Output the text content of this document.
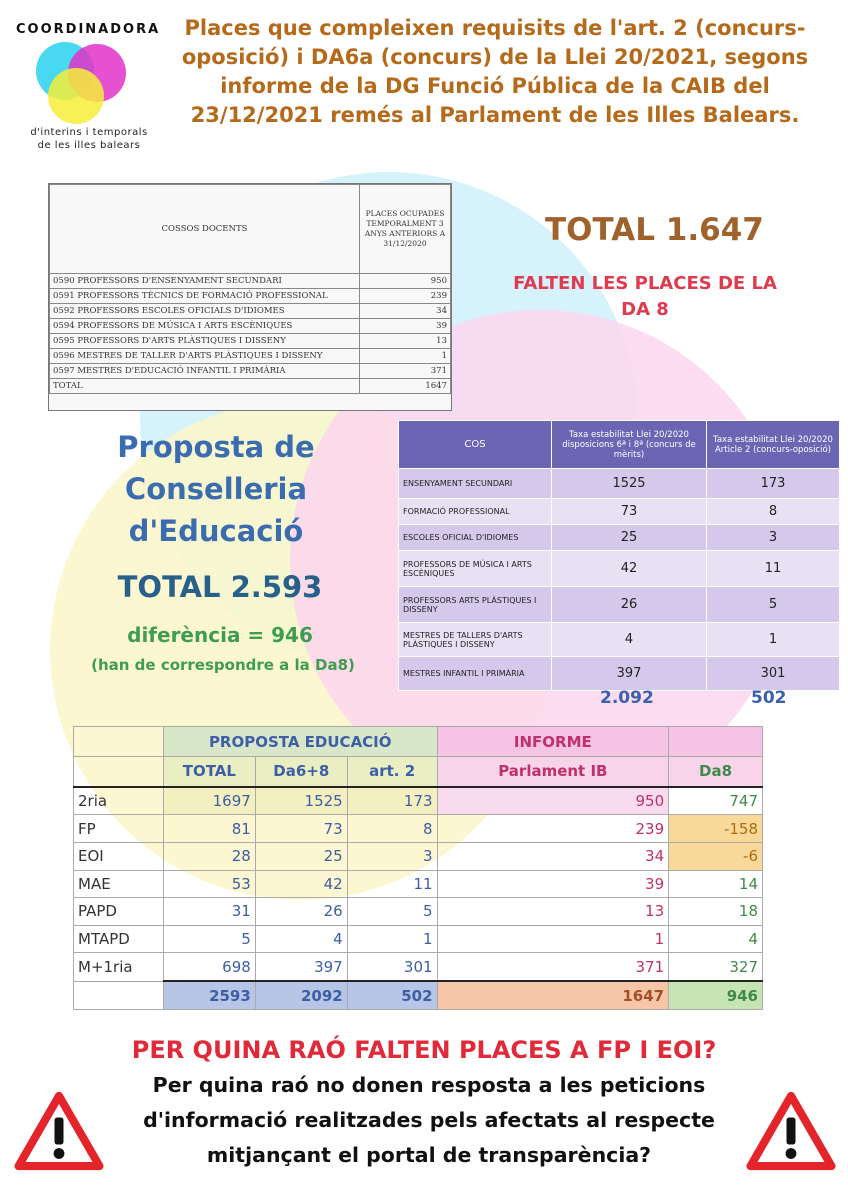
COORDINADORA
d'interins i temporals de les illes balears
Places que compleixen requisits de l'art. 2 (concurs-oposició) i DA6a (concurs) de la Llei 20/2021, segons informe de la DG Funció Pública de la CAIB del 23/12/2021 remés al Parlament de les Illes Balears.
COSSOS DOCENTS	PLACES OCUPADES TEMPORALMENT 3 ANYS ANTERIORS A 31/12/2020
0590 PROFESSORS D'ENSENYAMENT SECUNDARI	950
0591 PROFESSORS TÈCNICS DE FORMACIÓ PROFESSIONAL	239
0592 PROFESSORS ESCOLES OFICIALS D'IDIOMES	34
0594 PROFESSORS DE MÚSICA I ARTS ESCÈNIQUES	39
0595 PROFESSORS D'ARTS PLÀSTIQUES I DISSENY	13
0596 MESTRES DE TALLER D'ARTS PLÀSTIQUES I DISSENY	1
0597 MESTRES D'EDUCACIÓ INFANTIL I PRIMÀRIA	371
TOTAL	1647
TOTAL 1.647
FALTEN LES PLACES DE LA DA 8
Proposta de Conselleria d'Educació
TOTAL 2.593
diferència = 946
(han de correspondre a la Da8)
COS	Taxa estabilitat Llei 20/2020 disposicions 6ª i 8ª (concurs de mèrits)	Taxa estabilitat Llei 20/2020 Article 2 (concurs-oposició)
ENSENYAMENT SECUNDARI	1525	173
FORMACIÓ PROFESSIONAL	73	8
ESCOLES OFICIAL D'IDIOMES	25	3
PROFESSORS DE MÚSICA I ARTS ESCÈNIQUES	42	11
PROFESSORS ARTS PLÀSTIQUES I DISSENY	26	5
MESTRES DE TALLERS D'ARTS PLÀSTIQUES I DISSENY	4	1
MESTRES INFANTIL I PRIMÀRIA	397	301
2.092	502
	PROPOSTA EDUCACIÓ			INFORME	
	TOTAL	Da6+8	art. 2	Parlament IB	Da8
2ria	1697	1525	173	950	747
FP	81	73	8	239	-158
EOI	28	25	3	34	-6
MAE	53	42	11	39	14
PAPD	31	26	5	13	18
MTAPD	5	4	1	1	4
M+1ria	698	397	301	371	327
	2593	2092	502	1647	946
PER QUINA RAÓ FALTEN PLACES A FP I EOI?
Per quina raó no donen resposta a les peticions d'informació realitzades pels afectats al respecte mitjançant el portal de transparència?
